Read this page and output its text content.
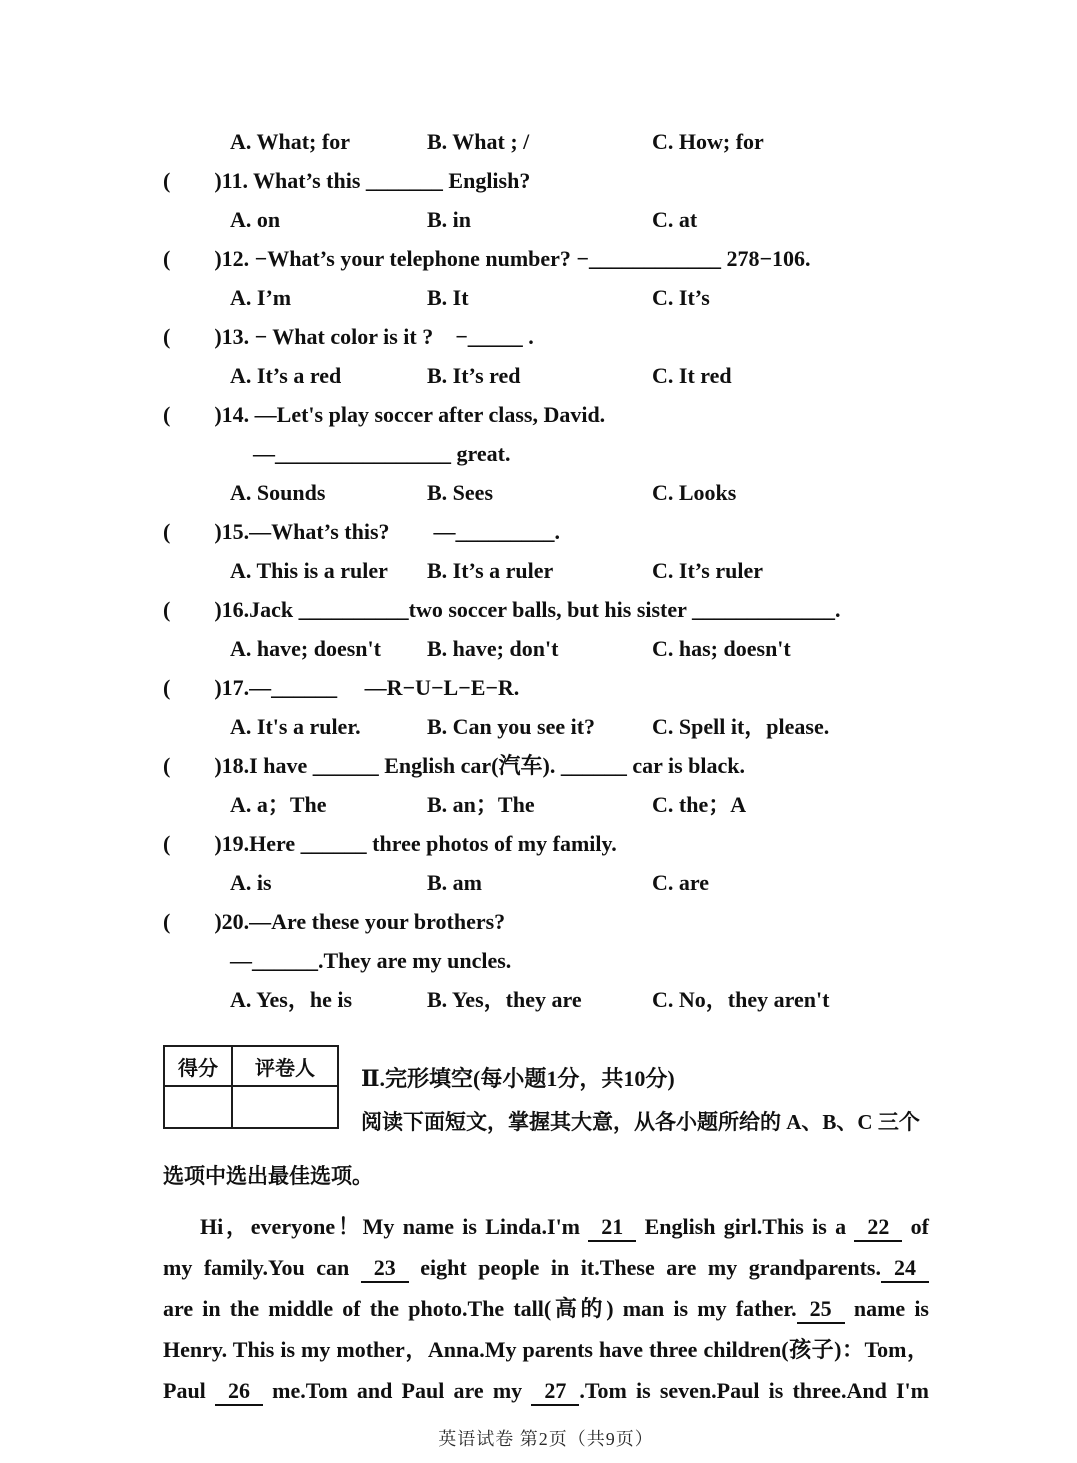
A. What; for	B. What ; /	C. How; for
(　　)11. What’s this _______ English?
A. on	B. in	C. at
(　　)12. −What’s your telephone number? −____________ 278−106.
A. I’m	B. It	C. It’s
(　　)13. − What color is it ? −_____ .
A. It’s a red	B. It’s red	C. It red
(　　)14. —Let's play soccer after class, David.
—________________ great.
A. Sounds	B. Sees	C. Looks
(　　)15.—What’s this?  —_________.
A. This is a ruler	B. It’s a ruler	C. It’s ruler
(　　)16.Jack __________two soccer balls, but his sister _____________.
A. have; doesn't	B. have; don't	C. has; doesn't
(　　)17.—______  —R−U−L−E−R.
A. It's a ruler.	B. Can you see it?	C. Spell it，please.
(　　)18.I have ______ English car(汽车). ______ car is black.
A. a；The	B. an；The	C. the；A
(　　)19.Here ______ three photos of my family.
A. is	B. am	C. are
(　　)20.—Are these your brothers?
—______.They are my uncles.
A. Yes，he is	B. Yes，they are	C. No，they aren't
得分	评卷人
	Ⅱ.完形填空(每小题1分，共10分)
阅读下面短文，掌握其大意，从各小题所给的 A、B、C 三个
选项中选出最佳选项。
Hi，everyone！My name is Linda.I'm 21 English girl.This is a 22 of
my family.You can 23 eight people in it.These are my grandparents. 24
are in the middle of the photo.The tall(高的) man is my father. 25 name is
Henry. This is my mother，Anna.My parents have three children(孩子)：Tom，
Paul 26 me.Tom and Paul are my 27 .Tom is seven.Paul is three.And I'm
英语试卷 第2页（共9页）
